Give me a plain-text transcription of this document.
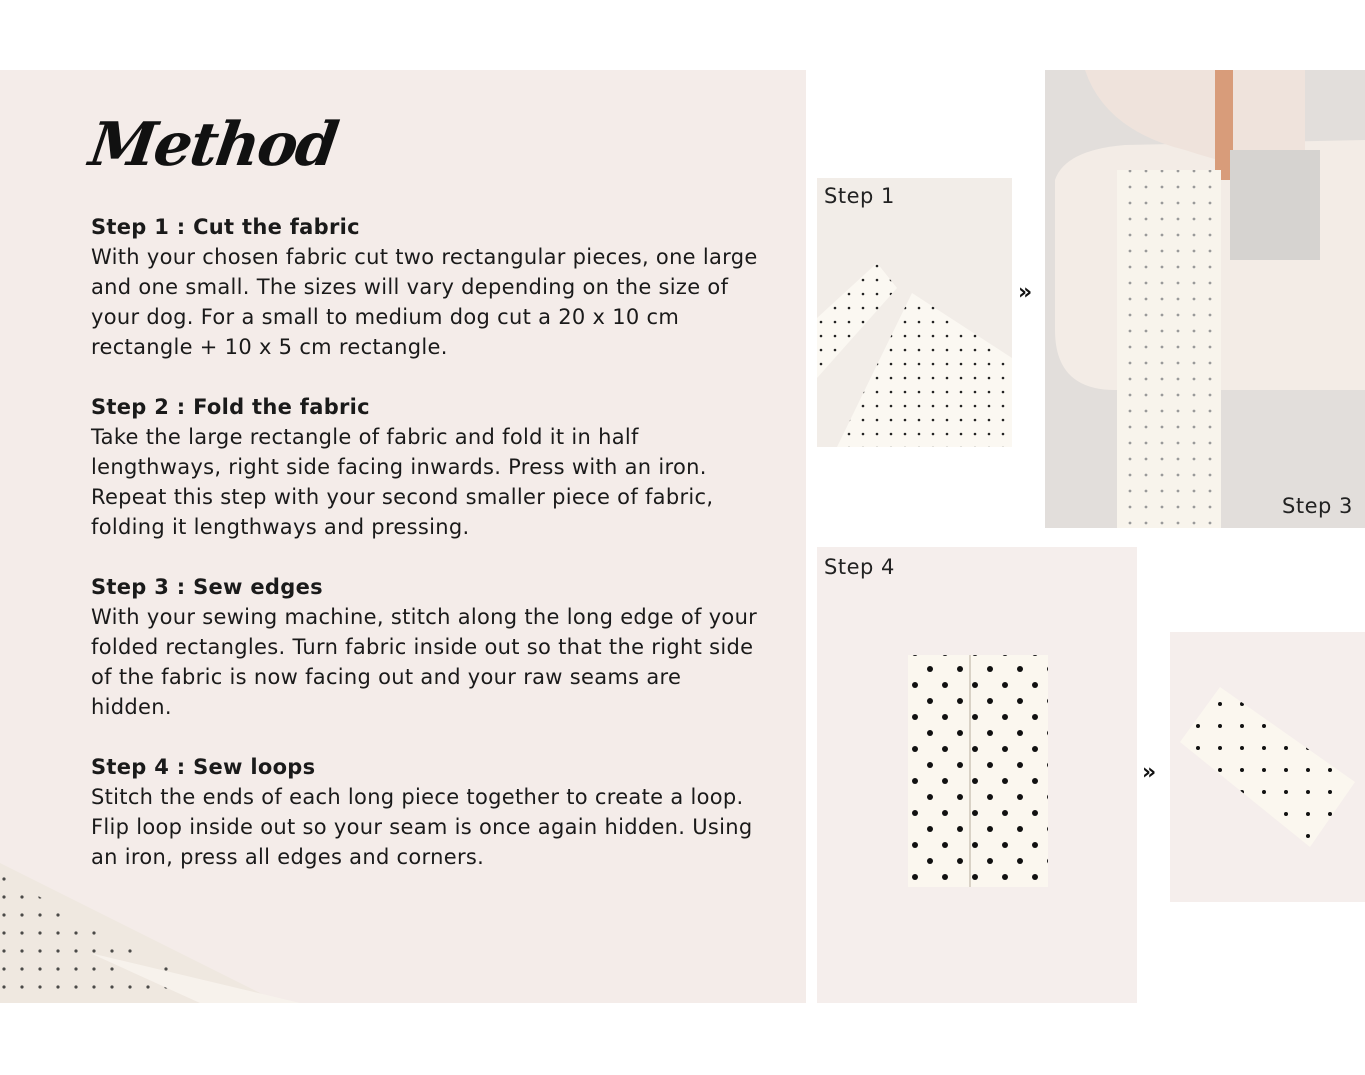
Method
Step 1 : Cut the fabric
With your chosen fabric cut two rectangular pieces, one large and one small. The sizes will vary depending on the size of your dog. For a small to medium dog cut a 20 x 10 cm rectangle + 10 x 5 cm rectangle.
Step 2 : Fold the fabric
Take the large rectangle of fabric and fold it in half lengthways, right side facing inwards. Press with an iron. Repeat this step with your second smaller piece of fabric, folding it lengthways and pressing.
Step 3 : Sew edges
With your sewing machine, stitch along the long edge of your folded rectangles. Turn fabric inside out so that the right side of the fabric is now facing out and your raw seams are hidden.
Step 4 : Sew loops
Stitch the ends of each long piece together to create a loop. Flip loop inside out so your seam is once again hidden. Using an iron, press all edges and corners.
Step 1
»
Step 3
Step 4
»
